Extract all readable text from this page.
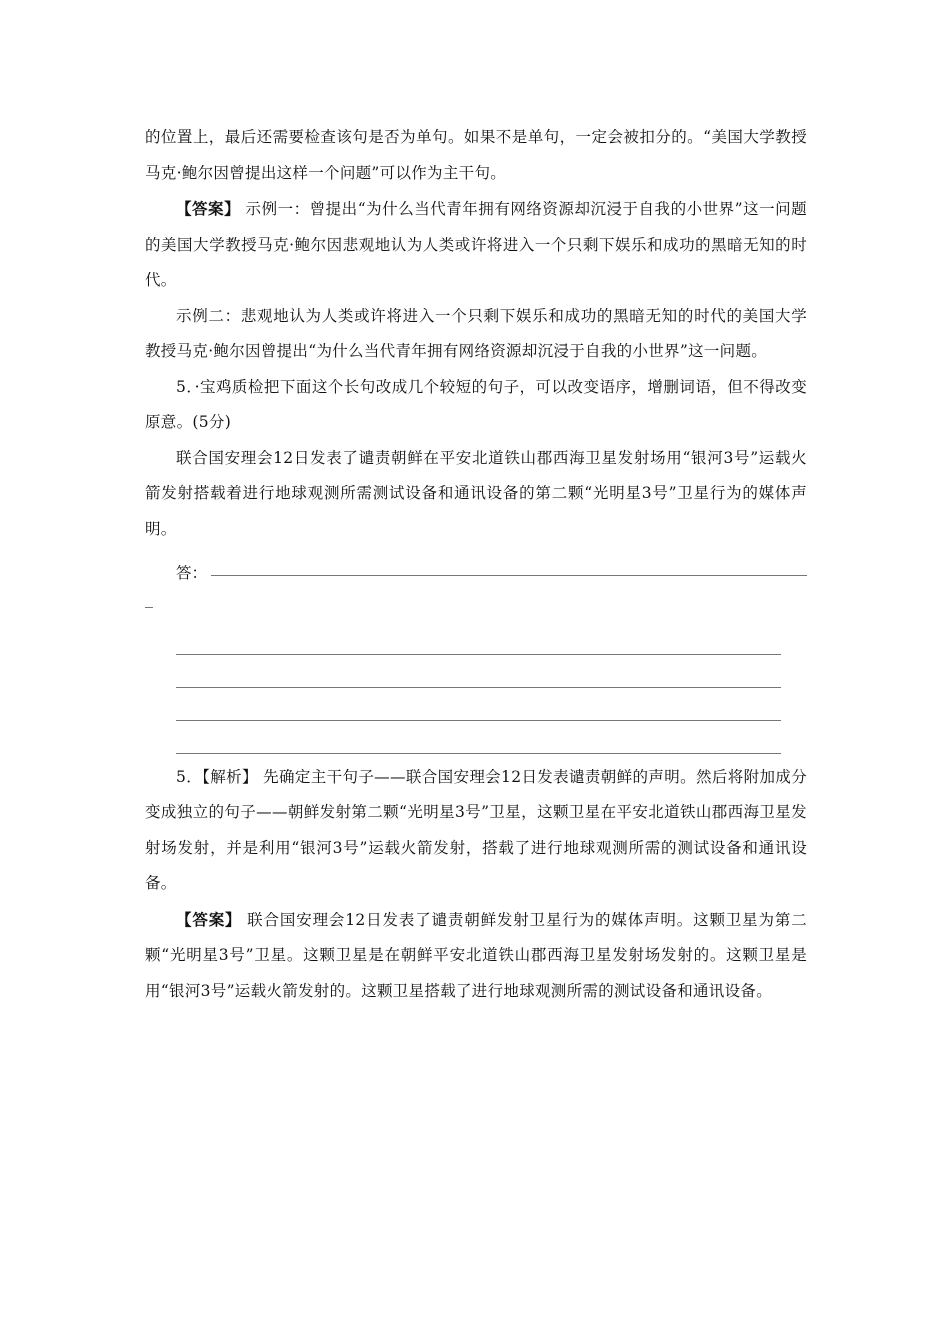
的位置上，最后还需要检查该句是否为单句。如果不是单句，一定会被扣分的。“美国大学教授马克·鲍尔因曾提出这样一个问题”可以作为主干句。

【答案】 示例一：曾提出“为什么当代青年拥有网络资源却沉浸于自我的小世界”这一问题的美国大学教授马克·鲍尔因悲观地认为人类或许将进入一个只剩下娱乐和成功的黑暗无知的时代。

示例二：悲观地认为人类或许将进入一个只剩下娱乐和成功的黑暗无知的时代的美国大学教授马克·鲍尔因曾提出“为什么当代青年拥有网络资源却沉浸于自我的小世界”这一问题。

5．·宝鸡质检把下面这个长句改成几个较短的句子，可以改变语序，增删词语，但不得改变原意。(5分)

联合国安理会12日发表了谴责朝鲜在平安北道铁山郡西海卫星发射场用“银河3号”运载火箭发射搭载着进行地球观测所需测试设备和通讯设备的第二颗“光明星3号”卫星行为的媒体声明。

答：

5．【解析】 先确定主干句子——联合国安理会12日发表谴责朝鲜的声明。然后将附加成分变成独立的句子——朝鲜发射第二颗“光明星3号”卫星，这颗卫星在平安北道铁山郡西海卫星发射场发射，并是利用“银河3号”运载火箭发射，搭载了进行地球观测所需的测试设备和通讯设备。

【答案】 联合国安理会12日发表了谴责朝鲜发射卫星行为的媒体声明。这颗卫星为第二颗“光明星3号”卫星。这颗卫星是在朝鲜平安北道铁山郡西海卫星发射场发射的。这颗卫星是用“银河3号”运载火箭发射的。这颗卫星搭载了进行地球观测所需的测试设备和通讯设备。
